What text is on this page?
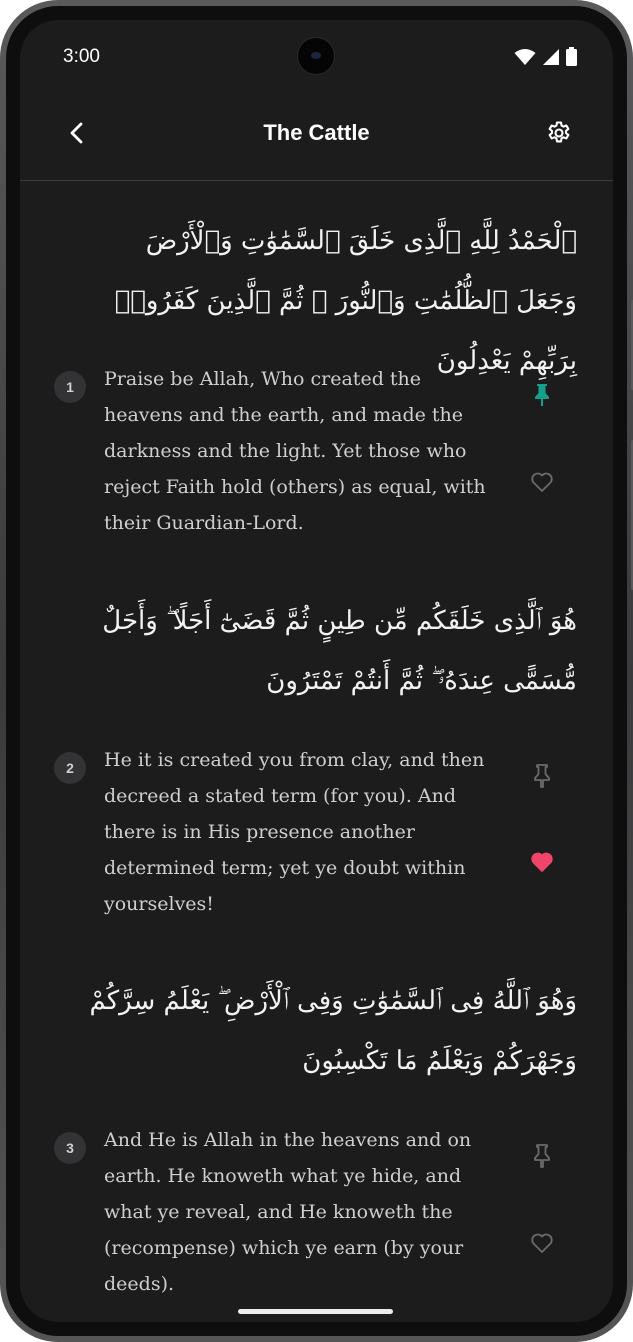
3:00
The Cattle
ٱلْحَمْدُ لِلَّهِ ٱلَّذِى خَلَقَ ٱلسَّمَٰوَٰتِ وَٱلْأَرْضَ وَجَعَلَ ٱلظُّلُمَٰتِ وَٱلنُّورَ ۖ ثُمَّ ٱلَّذِينَ كَفَرُوا۟ بِرَبِّهِمْ يَعْدِلُونَ
1	Praise be Allah, Who created the heavens and the earth, and made the darkness and the light. Yet those who reject Faith hold (others) as equal, with their Guardian-Lord.
هُوَ ٱلَّذِى خَلَقَكُم مِّن طِينٍ ثُمَّ قَضَىٰٓ أَجَلًا ۖ وَأَجَلٌ مُّسَمًّى عِندَهُۥ ۖ ثُمَّ أَنتُمْ تَمْتَرُونَ
2	He it is created you from clay, and then decreed a stated term (for you). And there is in His presence another determined term; yet ye doubt within yourselves!
وَهُوَ ٱللَّهُ فِى ٱلسَّمَٰوَٰتِ وَفِى ٱلْأَرْضِ ۖ يَعْلَمُ سِرَّكُمْ وَجَهْرَكُمْ وَيَعْلَمُ مَا تَكْسِبُونَ
3	And He is Allah in the heavens and on earth. He knoweth what ye hide, and what ye reveal, and He knoweth the (recompense) which ye earn (by your deeds).
